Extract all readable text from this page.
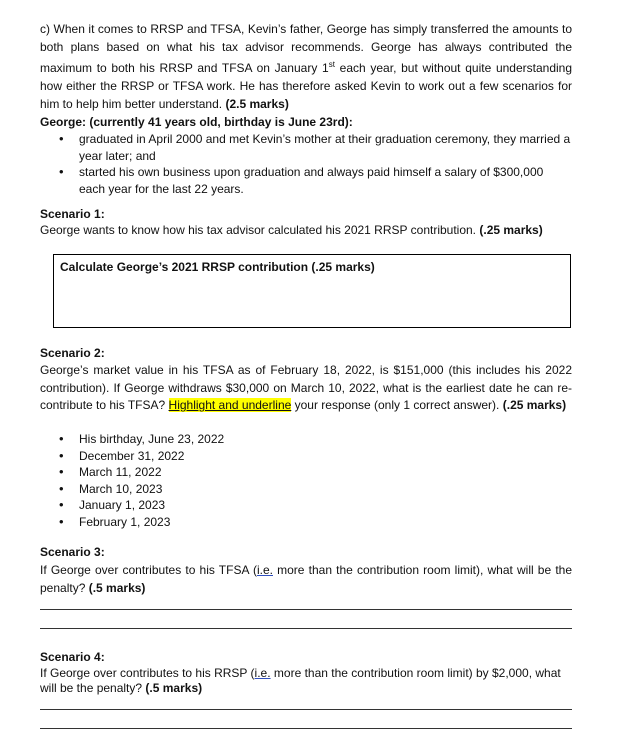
c) When it comes to RRSP and TFSA, Kevin’s father, George has simply transferred the amounts to both plans based on what his tax advisor recommends. George has always contributed the maximum to both his RRSP and TFSA on January 1st each year, but without quite understanding how either the RRSP or TFSA work. He has therefore asked Kevin to work out a few scenarios for him to help him better understand. (2.5 marks)

George: (currently 41 years old, birthday is June 23rd):

• graduated in April 2000 and met Kevin’s mother at their graduation ceremony, they married a year later; and
• started his own business upon graduation and always paid himself a salary of $300,000 each year for the last 22 years.

Scenario 1:

George wants to know how his tax advisor calculated his 2021 RRSP contribution. (.25 marks)

Calculate George’s 2021 RRSP contribution (.25 marks)

Scenario 2:

George’s market value in his TFSA as of February 18, 2022, is $151,000 (this includes his 2022 contribution). If George withdraws $30,000 on March 10, 2022, what is the earliest date he can re-contribute to his TFSA? Highlight and underline your response (only 1 correct answer). (.25 marks)

• His birthday, June 23, 2022
• December 31, 2022
• March 11, 2022
• March 10, 2023
• January 1, 2023
• February 1, 2023

Scenario 3:

If George over contributes to his TFSA (i.e. more than the contribution room limit), what will be the penalty? (.5 marks)

Scenario 4:

If George over contributes to his RRSP (i.e. more than the contribution room limit) by $2,000, what will be the penalty? (.5 marks)
